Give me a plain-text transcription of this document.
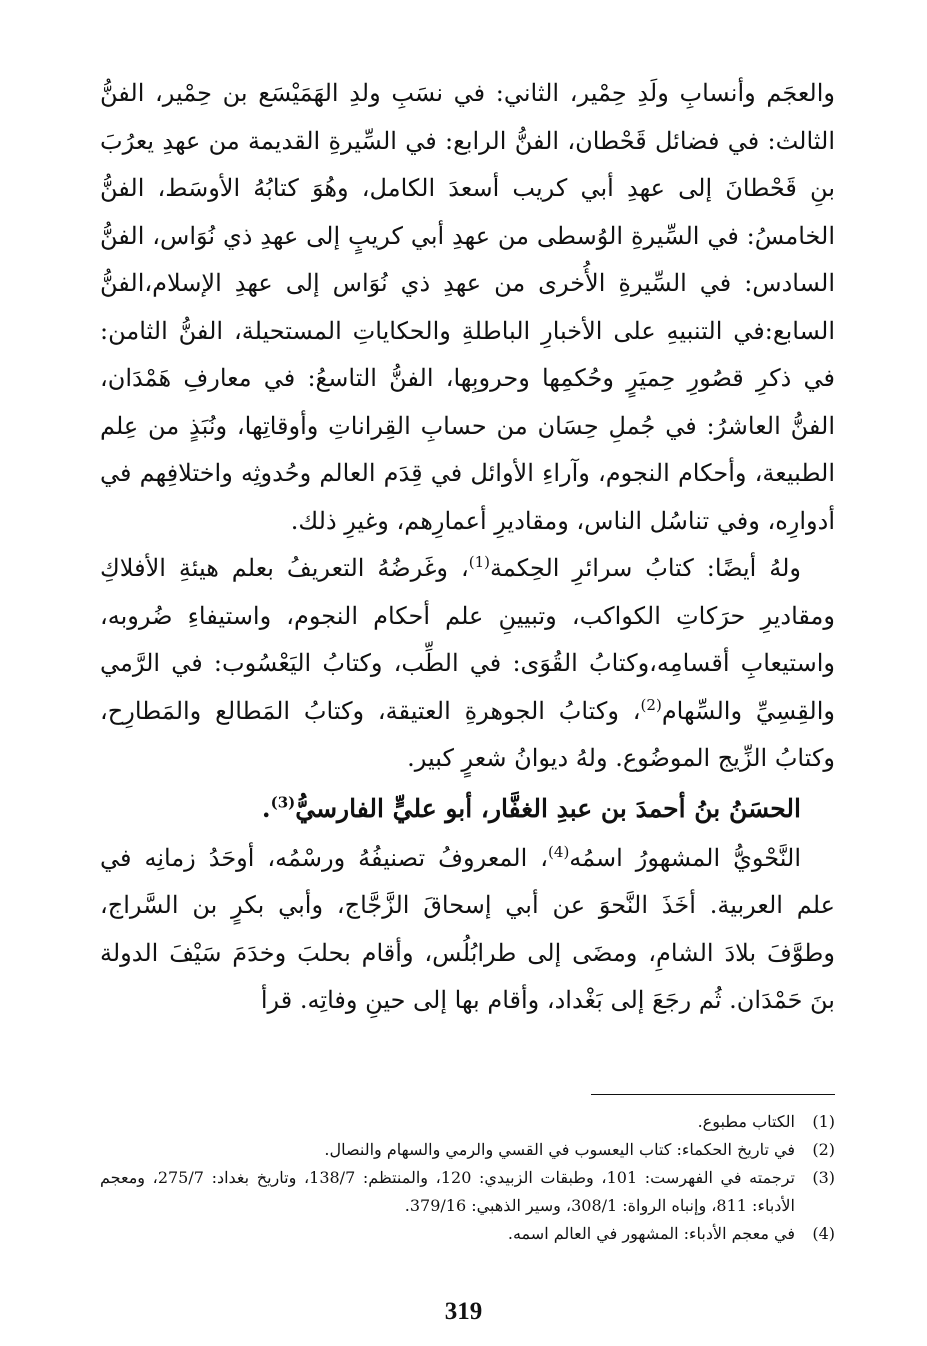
والعجَم وأنسابِ ولَدِ حِمْير، الثاني: في نسَبِ ولدِ الهَمَيْسَع بن حِمْير، الفنُّ الثالث: في فضائل قَحْطان، الفنُّ الرابع: في السِّيرةِ القديمة من عهدِ يعرُبَ بنِ قَحْطانَ إلى عهدِ أبي كريب أسعدَ الكامل، وهُوَ كتابُهُ الأوسَط، الفنُّ الخامسُ: في السِّيرةِ الوُسطى من عهدِ أبي كريبٍ إلى عهدِ ذي نُوَاس، الفنُّ السادس: في السِّيرةِ الأُخرى من عهدِ ذي نُوَاس إلى عهدِ الإسلام،الفنُّ السابع:في التنبيهِ على الأخبارِ الباطلةِ والحكاياتِ المستحيلة، الفنُّ الثامن: في ذكرِ قصُورِ حِميَرٍ وحُكمِها وحروبِها، الفنُّ التاسعُ: في معارفِ هَمْدَان، الفنُّ العاشرُ: في جُملِ حِسَان من حسابِ القِراناتِ وأوقاتِها، ونُبَذٍ من عِلم الطبيعة، وأحكام النجوم، وآراءِ الأوائل في قِدَم العالم وحُدوثِه واختلافِهم في أدوارِه، وفي تناسُل الناس، ومقاديرِ أعمارِهم، وغيرِ ذلك.

ولهُ أيضًا: كتابُ سرائرِ الحِكمة$^{(1)}$، وغَرضُهُ التعريفُ بعلم هيئةِ الأفلاكِ ومقاديرِ حرَكاتِ الكواكب، وتبيينِ علم أحكام النجوم، واستيفاءِ ضُروبه، واستيعابِ أقسامِه،وكتابُ القُوَى: في الطِّب، وكتابُ اليَعْسُوب: في الرَّمي والقِسِيِّ والسِّهام$^{(2)}$، وكتابُ الجوهرةِ العتيقة، وكتابُ المَطالع والمَطارِح، وكتابُ الزِّيج الموضُوع. ولهُ ديوانُ شعرٍ كبير.

الحسَنُ بنُ أحمدَ بن عبدِ الغفَّار، أبو عليٍّ الفارسيُّ$^{(3)}$.

النَّحْويُّ المشهورُ اسمُه$^{(4)}$، المعروفُ تصنيفُهُ ورسْمُه، أوحَدُ زمانِه في علم العربية. أخَذَ النَّحوَ عن أبي إسحاقَ الزَّجَّاج، وأبي بكرٍ بن السَّراج، وطوَّفَ بلادَ الشامِ، ومضَى إلى طرابُلُس، وأقام بحلبَ وخدَمَ سَيْفَ الدولة بنَ حَمْدَان. ثُم رجَعَ إلى بَغْداد، وأقام بها إلى حينِ وفاتِه. قرأ

(1)
الكتاب مطبوع.
(2)
في تاريخ الحكماء: كتاب اليعسوب في القسي والرمي والسهام والنصال.
(3)
ترجمته في الفهرست: 101، وطبقات الزبيدي: 120، والمنتظم: 138/7، وتاريخ بغداد: 275/7، ومعجم الأدباء: 811، وإنباه الرواة: 308/1، وسير الذهبي: 379/16.
(4)
في معجم الأدباء: المشهور في العالم اسمه.
319
